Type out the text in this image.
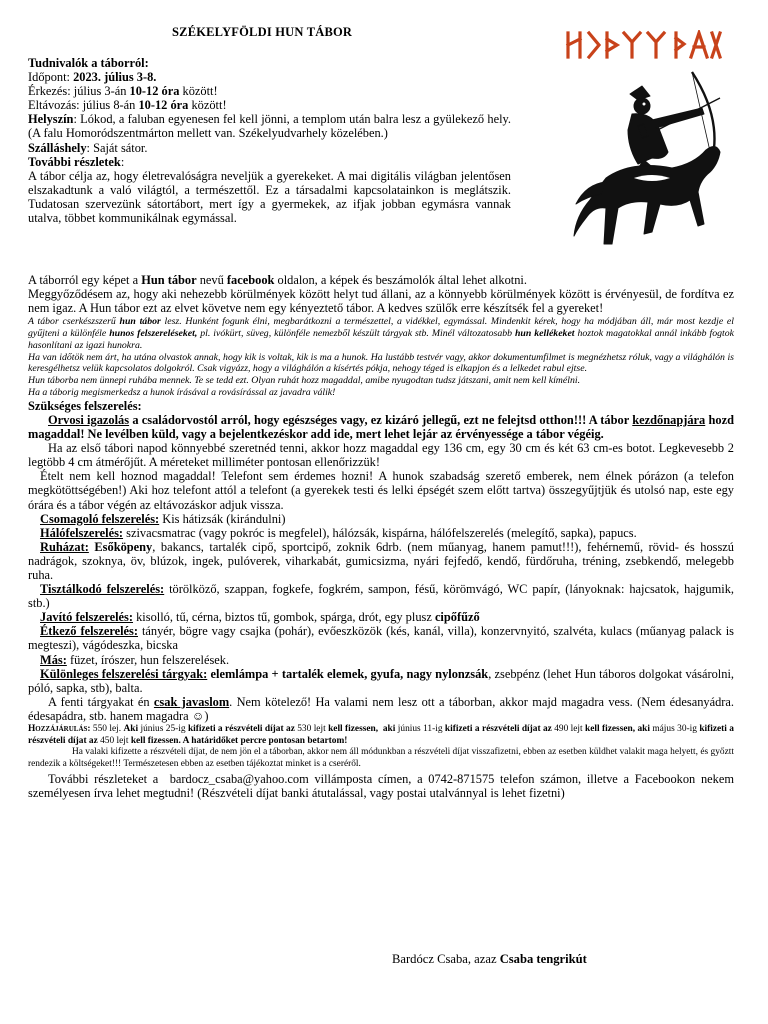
SZÉKELYFÖLDI HUN TÁBOR

Tudnivalók a táborról:

Időpont: 2023. július 3-8.

Érkezés: július 3-án 10-12 óra között!

Eltávozás: július 8-án 10-12 óra között!

Helyszín: Lókod, a faluban egyenesen fel kell jönni, a templom után balra lesz a gyülekező hely. (A falu Homoródszentmárton mellett van. Székelyudvarhely közelében.)

Szálláshely: Saját sátor.

További részletek:

A tábor célja az, hogy életrevalóságra neveljük a gyerekeket. A mai digitális világban jelentősen elszakadtunk a való világtól, a természettől. Ez a társadalmi kapcsolatainkon is meglátszik. Tudatosan szervezünk sátortábort, mert így a gyermekek, az ifjak jobban egymásra vannak utalva, többet kommunikálnak egymással.

A táborról egy képet a Hun tábor nevű facebook oldalon, a képek és beszámolók által lehet alkotni.

Meggyőződésem az, hogy aki nehezebb körülmények között helyt tud állani, az a könnyebb körülmények között is érvényesül, de fordítva ez nem igaz. A Hun tábor ezt az elvet követve nem egy kényeztető tábor. A kedves szülők erre készítsék fel a gyereket!

A tábor cserkészszerű hun tábor lesz. Hunként fogunk élni, megbarátkozni a természettel, a vidékkel, egymással. Mindenkit kérek, hogy ha módjában áll, már most kezdje el gyűjteni a különféle hunos felszereléseket, pl. ivókürt, süveg, különféle nemezből készült tárgyak stb. Minél változatosabb hun kellékeket hoztok magatokkal annál inkább fogtok hasonlítani az igazi hunokra.

Ha van időtök nem árt, ha utána olvastok annak, hogy kik is voltak, kik is ma a hunok. Ha lustább testvér vagy, akkor dokumentumfilmet is megnézhetsz róluk, vagy a világhálón is keresgélhetsz velük kapcsolatos dolgokról. Csak vigyázz, hogy a világhálón a kísértés pókja, nehogy téged is elkapjon és a lelkedet rabul ejtse.

Hun táborba nem ünnepi ruhába mennek. Te se tedd ezt. Olyan ruhát hozz magaddal, amibe nyugodtan tudsz játszani, amit nem kell kímélni.

Ha a táborig megismerkedsz a hunok írásával a rovásírással az javadra válik!

Szükséges felszerelés:

Orvosi igazolás a családorvostól arról, hogy egészséges vagy, ez kizáró jellegű, ezt ne felejtsd otthon!!! A tábor kezdőnapjára hozd magaddal! Ne levélben küld, vagy a bejelentkezéskor add ide, mert lehet lejár az érvényessége a tábor végéig.

Ha az első tábori napod könnyebbé szeretnéd tenni, akkor hozz magaddal egy 136 cm, egy 30 cm és két 63 cm-es botot. Legkevesebb 2 legtöbb 4 cm átmérőjűt. A méreteket milliméter pontosan ellenőrizzük!

Ételt nem kell hoznod magaddal! Telefont sem érdemes hozni! A hunok szabadság szerető emberek, nem élnek pórázon (a telefon megkötöttségében!) Aki hoz telefont attól a telefont (a gyerekek testi és lelki épségét szem előtt tartva) összegyűjtjük és utolsó nap, este egy órára és a tábor végén az eltávozáskor adjuk vissza.

Csomagoló felszerelés: Kis hátizsák (kirándulni)

Hálófelszerelés: szivacsmatrac (vagy pokróc is megfelel), hálózsák, kispárna, hálófelszerelés (melegítő, sapka), papucs.

Ruházat: Esőköpeny, bakancs, tartalék cipő, sportcipő, zoknik 6drb. (nem műanyag, hanem pamut!!!), fehérnemű, rövid- és hosszú nadrágok, szoknya, öv, blúzok, ingek, pulóverek, viharkabát, gumicsizma, nyári fejfedő, kendő, fürdőruha, tréning, zsebkendő, melegebb ruha.

Tisztálkodó felszerelés: törölköző, szappan, fogkefe, fogkrém, sampon, fésű, körömvágó, WC papír, (lányoknak: hajcsatok, hajgumik, stb.)

Javító felszerelés: kisolló, tű, cérna, biztos tű, gombok, spárga, drót, egy plusz cipőfűző

Étkező felszerelés: tányér, bögre vagy csajka (pohár), evőeszközök (kés, kanál, villa), konzervnyitó, szalvéta, kulacs (műanyag palack is megteszi), vágódeszka, bicska

Más: füzet, írószer, hun felszerelések.

Különleges felszerelési tárgyak: elemlámpa + tartalék elemek, gyufa, nagy nylonzsák, zsebpénz (lehet Hun táboros dolgokat vásárolni, póló, sapka, stb), balta.

A fenti tárgyakat én csak javaslom. Nem kötelező! Ha valami nem lesz ott a táborban, akkor majd magadra vess. (Nem édesanyádra. édesapádra, stb. hanem magadra ☺)

Hozzájárulás: 550 lej. Aki június 25-ig kifizeti a részvételi díjat az 530 lejt kell fizessen,  aki június 11-ig kifizeti a részvételi díjat az 490 lejt kell fizessen, aki május 30-ig kifizeti a részvételi díjat az 450 lejt kell fizessen. A határidőket percre pontosan betartom!

Ha valaki kifizette a részvételi díjat, de nem jön el a táborban, akkor nem áll módunkban a részvételi díjat visszafizetni, ebben az esetben küldhet valakit maga helyett, és győztt rendezik a költségeket!!! Természetesen ebben az esetben tájékoztat minket is a cseréről.

További részleteket a  bardocz_csaba@yahoo.com villámposta címen, a 0742-871575 telefon számon, illetve a Facebookon nekem személyesen írva lehet megtudni! (Részvételi díjat banki átutalással, vagy postai utalvánnyal is lehet fizetni)

Bardócz Csaba, azaz Csaba tengrikút
